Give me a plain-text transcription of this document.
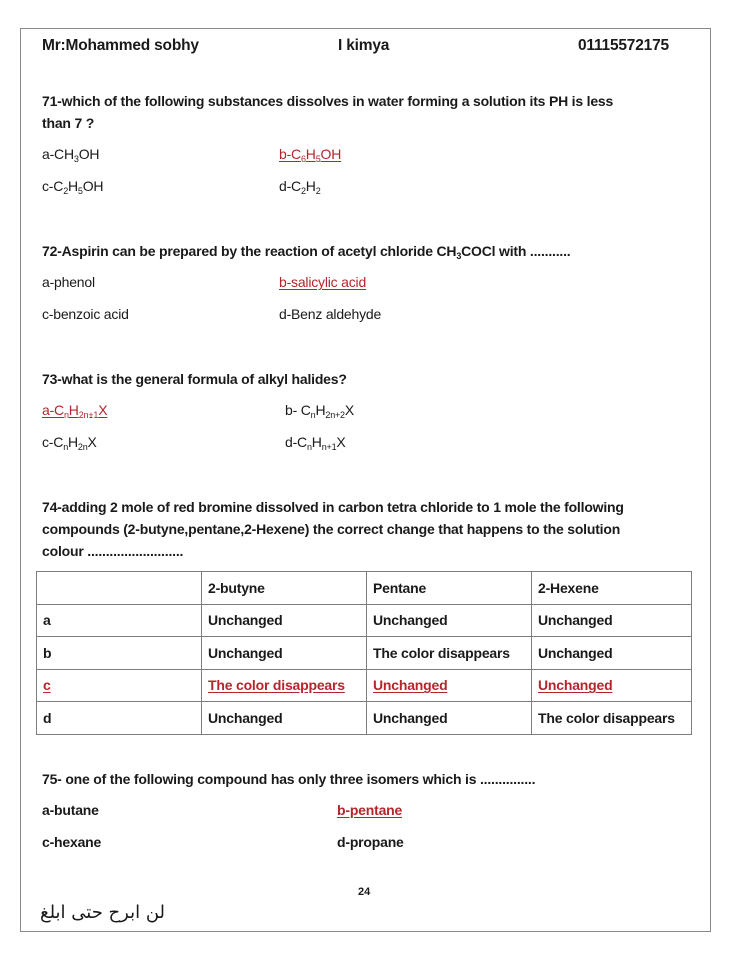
Mr:Mohammed sobhy	I kimya	01115572175
71-which of the following substances dissolves in water forming a solution its PH is less
than 7 ?
$a-CH_3OH$	$b-C_6H_5OH$
$c-C_2H_5OH$	$d-C_2H_2$
72-Aspirin can be prepared by the reaction of acetyl chloride $CH_3COCl$ with ...........
a-phenol	b-salicylic acid
c-benzoic acid	d-Benz aldehyde
73-what is the general formula of alkyl halides?
$a-C_nH_{2n+1}X$	b- $C_nH_{2n+2}X$
$c-C_nH_{2n}X$	$d-C_nH_{n+1}X$
74-adding 2 mole of red bromine dissolved in carbon tetra chloride to 1 mole the following
compounds (2-butyne,pentane,2-Hexene) the correct change that happens to the solution
colour ..........................
	2-butyne	Pentane	2-Hexene
a	Unchanged	Unchanged	Unchanged
b	Unchanged	The color disappears	Unchanged
c	The color disappears	Unchanged	Unchanged
d	Unchanged	Unchanged	The color disappears
75- one of the following compound has only three isomers which is ...............
a-butane	b-pentane
c-hexane	d-propane
24
لن ابرح حتى ابلغ
